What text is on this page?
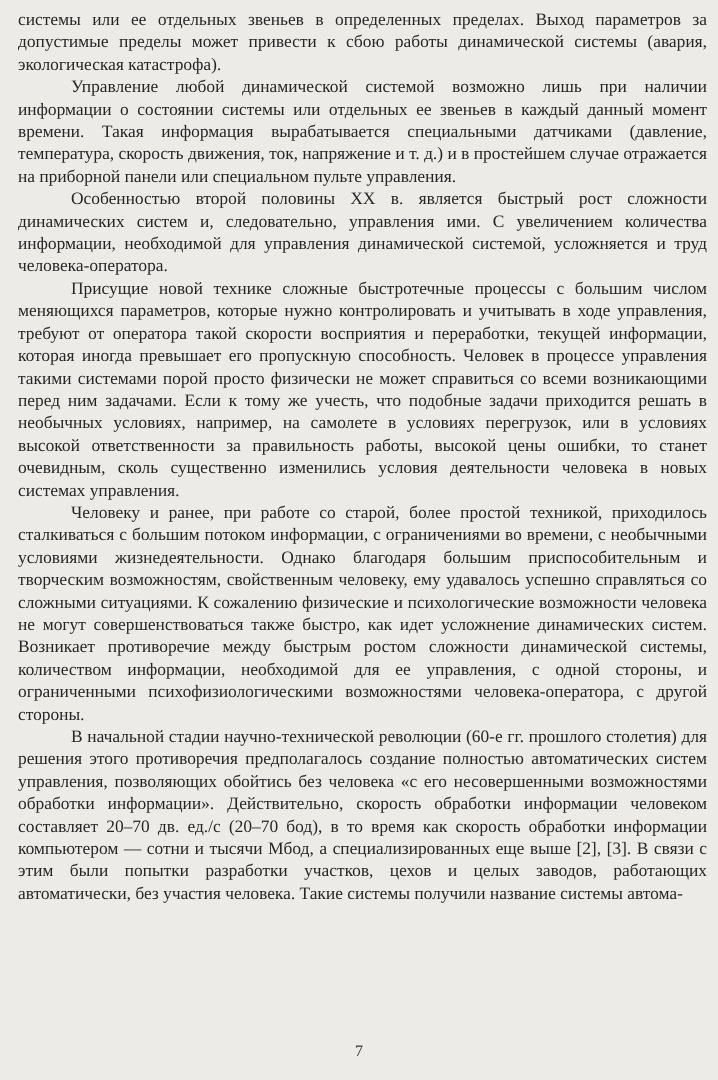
системы или ее отдельных звеньев в определенных пределах. Выход параметров за допустимые пределы может привести к сбою работы динамической системы (авария, экологическая катастрофа).

Управление любой динамической системой возможно лишь при наличии информации о состоянии системы или отдельных ее звеньев в каждый данный момент времени. Такая информация вырабатывается специальными датчиками (давление, температура, скорость движения, ток, напряжение и т. д.) и в простейшем случае отражается на приборной панели или специальном пульте управления.

Особенностью второй половины XX в. является быстрый рост сложности динамических систем и, следовательно, управления ими. С увеличением количества информации, необходимой для управления динамической системой, усложняется и труд человека-оператора.

Присущие новой технике сложные быстротечные процессы с большим числом меняющихся параметров, которые нужно контролировать и учитывать в ходе управления, требуют от оператора такой скорости восприятия и переработки, текущей информации, которая иногда превышает его пропускную способность. Человек в процессе управления такими системами порой просто физически не может справиться со всеми возникающими перед ним задачами. Если к тому же учесть, что подобные задачи приходится решать в необычных условиях, например, на самолете в условиях перегрузок, или в условиях высокой ответственности за правильность работы, высокой цены ошибки, то станет очевидным, сколь существенно изменились условия деятельности человека в новых системах управления.

Человеку и ранее, при работе со старой, более простой техникой, приходилось сталкиваться с большим потоком информации, с ограничениями во времени, с необычными условиями жизнедеятельности. Однако благодаря большим приспособительным и творческим возможностям, свойственным человеку, ему удавалось успешно справляться со сложными ситуациями. К сожалению физические и психологические возможности человека не могут совершенствоваться также быстро, как идет усложнение динамических систем. Возникает противоречие между быстрым ростом сложности динамической системы, количеством информации, необходимой для ее управления, с одной стороны, и ограниченными психофизиологическими возможностями человека-оператора, с другой стороны.

В начальной стадии научно-технической революции (60-е гг. прошлого столетия) для решения этого противоречия предполагалось создание полностью автоматических систем управления, позволяющих обойтись без человека «с его несовершенными возможностями обработки информации». Действительно, скорость обработки информации человеком составляет 20–70 дв. ед./с (20–70 бод), в то время как скорость обработки информации компьютером — сотни и тысячи Мбод, а специализированных еще выше [2], [3]. В связи с этим были попытки разработки участков, цехов и целых заводов, работающих автоматически, без участия человека. Такие системы получили название системы автома-

7
